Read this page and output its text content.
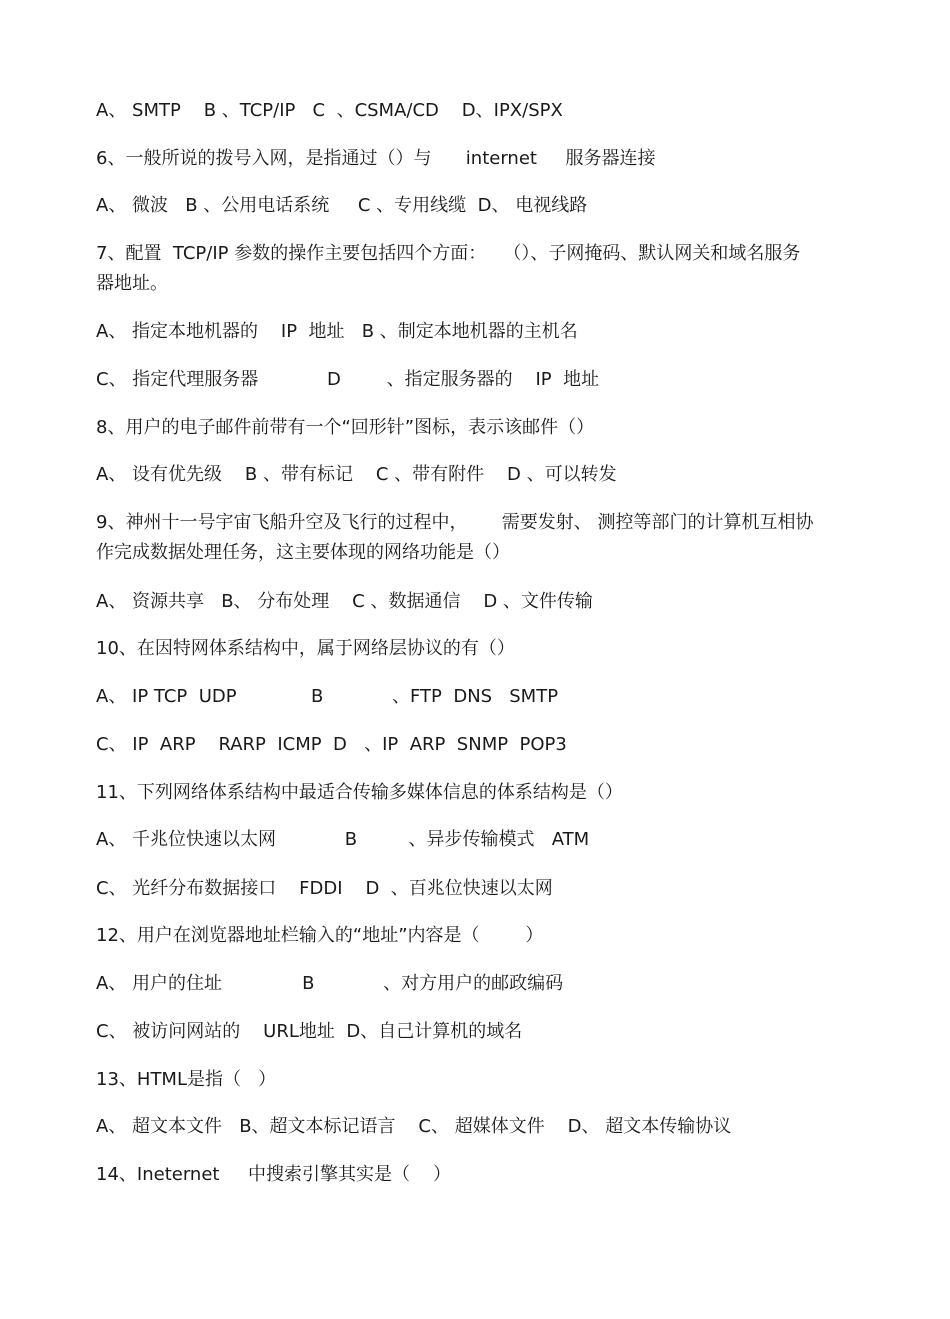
A、 SMTP    B 、TCP/IP   C  、CSMA/CD    D、IPX/SPX
6、一般所说的拨号入网，是指通过（）与      internet     服务器连接
A、 微波   B 、公用电话系统     C 、专用线缆  D、 电视线路
7、配置  TCP/IP 参数的操作主要包括四个方面：   （）、子网掩码、默认网关和域名服务
器地址。
A、 指定本地机器的    IP  地址   B 、制定本地机器的主机名
C、 指定代理服务器            D        、指定服务器的    IP  地址
8、用户的电子邮件前带有一个“回形针”图标，表示该邮件（）
A、 设有优先级    B 、带有标记    C 、带有附件    D 、可以转发
9、神州十一号宇宙飞船升空及飞行的过程中，      需要发射、 测控等部门的计算机互相协
作完成数据处理任务，这主要体现的网络功能是（）
A、 资源共享   B、 分布处理    C 、数据通信    D 、文件传输
10、在因特网体系结构中，属于网络层协议的有（）
A、 IP TCP  UDP             B            、FTP  DNS   SMTP
C、 IP  ARP    RARP  ICMP  D   、IP  ARP  SNMP  POP3
11、下列网络体系结构中最适合传输多媒体信息的体系结构是（）
A、 千兆位快速以太网            B         、异步传输模式   ATM
C、 光纤分布数据接口    FDDI    D  、百兆位快速以太网
12、用户在浏览器地址栏输入的“地址”内容是（        ）
A、 用户的住址              B            、对方用户的邮政编码
C、 被访问网站的    URL地址  D、自己计算机的域名
13、HTML是指（   ）
A、 超文本文件   B、超文本标记语言    C、 超媒体文件    D、 超文本传输协议
14、Ineternet     中搜索引擎其实是（    ）
